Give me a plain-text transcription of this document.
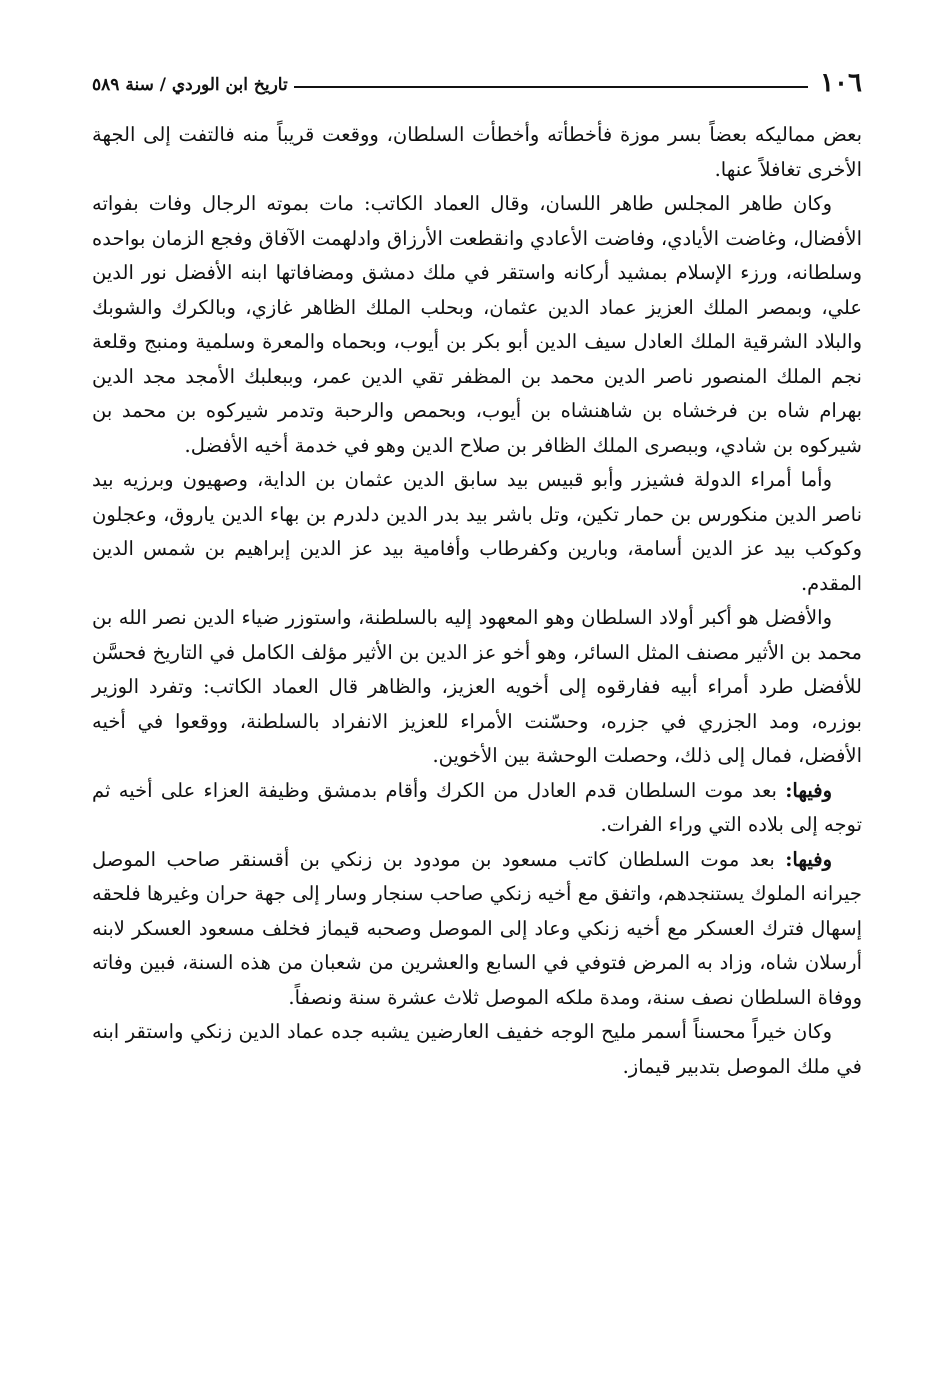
١٠٦
تاريخ ابن الوردي / سنة ٥٨٩

بعض مماليكه بعضاً بسر موزة فأخطأته وأخطأت السلطان، ووقعت قريباً منه فالتفت إلى الجهة الأخرى تغافلاً عنها.

وكان طاهر المجلس طاهر اللسان، وقال العماد الكاتب: مات بموته الرجال وفات بفواته الأفضال، وغاضت الأيادي، وفاضت الأعادي وانقطعت الأرزاق وادلهمت الآفاق وفجع الزمان بواحده وسلطانه، ورزء الإسلام بمشيد أركانه واستقر في ملك دمشق ومضافاتها ابنه الأفضل نور الدين علي، وبمصر الملك العزيز عماد الدين عثمان، وبحلب الملك الظاهر غازي، وبالكرك والشوبك والبلاد الشرقية الملك العادل سيف الدين أبو بكر بن أيوب، وبحماه والمعرة وسلمية ومنبج وقلعة نجم الملك المنصور ناصر الدين محمد بن المظفر تقي الدين عمر، وببعلبك الأمجد مجد الدين بهرام شاه بن فرخشاه بن شاهنشاه بن أيوب، وبحمص والرحبة وتدمر شيركوه بن محمد بن شيركوه بن شادي، وببصرى الملك الظافر بن صلاح الدين وهو في خدمة أخيه الأفضل.

وأما أمراء الدولة فشيزر وأبو قبيس بيد سابق الدين عثمان بن الداية، وصهيون وبرزيه بيد ناصر الدين منكورس بن حمار تكين، وتل باشر بيد بدر الدين دلدرم بن بهاء الدين ياروق، وعجلون وكوكب بيد عز الدين أسامة، وبارين وكفرطاب وأفامية بيد عز الدين إبراهيم بن شمس الدين المقدم.

والأفضل هو أكبر أولاد السلطان وهو المعهود إليه بالسلطنة، واستوزر ضياء الدين نصر الله بن محمد بن الأثير مصنف المثل السائر، وهو أخو عز الدين بن الأثير مؤلف الكامل في التاريخ فحسَّن للأفضل طرد أمراء أبيه ففارقوه إلى أخويه العزيز، والظاهر قال العماد الكاتب: وتفرد الوزير بوزره، ومد الجزري في جزره، وحسّنت الأمراء للعزيز الانفراد بالسلطنة، ووقعوا في أخيه الأفضل، فمال إلى ذلك، وحصلت الوحشة بين الأخوين.

وفيها: بعد موت السلطان قدم العادل من الكرك وأقام بدمشق وظيفة العزاء على أخيه ثم توجه إلى بلاده التي وراء الفرات.

وفيها: بعد موت السلطان كاتب مسعود بن مودود بن زنكي بن أقسنقر صاحب الموصل جيرانه الملوك يستنجدهم، واتفق مع أخيه زنكي صاحب سنجار وسار إلى جهة حران وغيرها فلحقه إسهال فترك العسكر مع أخيه زنكي وعاد إلى الموصل وصحبه قيماز فخلف مسعود العسكر لابنه أرسلان شاه، وزاد به المرض فتوفي في السابع والعشرين من شعبان من هذه السنة، فبين وفاته ووفاة السلطان نصف سنة، ومدة ملكه الموصل ثلاث عشرة سنة ونصفاً.

وكان خيراً محسناً أسمر مليح الوجه خفيف العارضين يشبه جده عماد الدين زنكي واستقر ابنه في ملك الموصل بتدبير قيماز.
